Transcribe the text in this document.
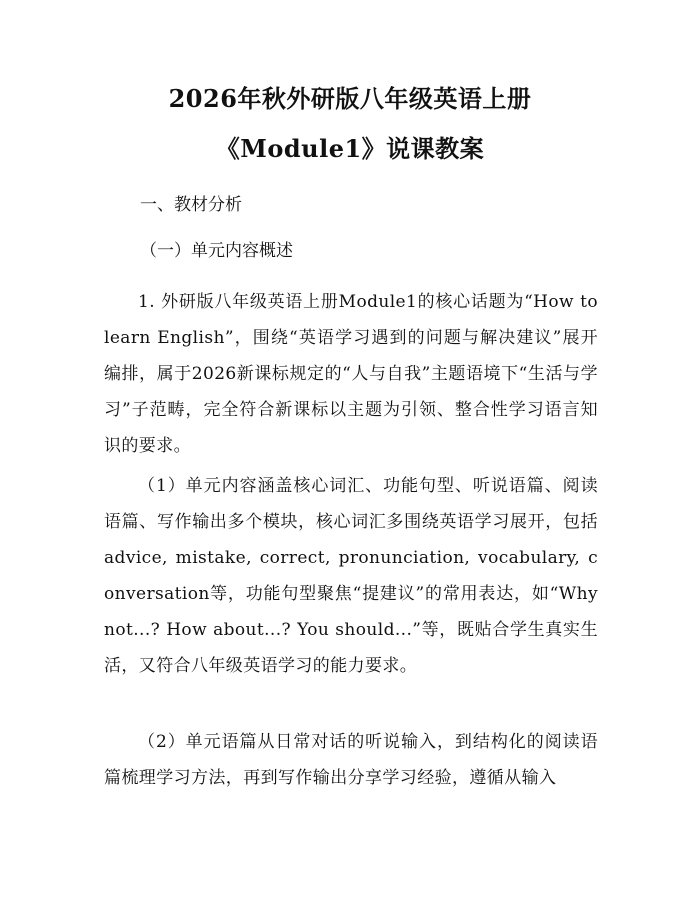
2026年秋外研版八年级英语上册
《Module1》说课教案
一、教材分析
（一）单元内容概述
1. 外研版八年级英语上册Module1的核心话题为“How to learn English”，围绕“英语学习遇到的问题与解决建议”展开编排，属于2026新课标规定的“人与自我”主题语境下“生活与学习”子范畴，完全符合新课标以主题为引领、整合性学习语言知识的要求。
（1）单元内容涵盖核心词汇、功能句型、听说语篇、阅读语篇、写作输出多个模块，核心词汇多围绕英语学习展开，包括advice, mistake, correct, pronunciation, vocabulary, conversation等，功能句型聚焦“提建议”的常用表达，如“Why not...? How about...? You should...”等，既贴合学生真实生活，又符合八年级英语学习的能力要求。
（2）单元语篇从日常对话的听说输入，到结构化的阅读语篇梳理学习方法，再到写作输出分享学习经验，遵循从输入
